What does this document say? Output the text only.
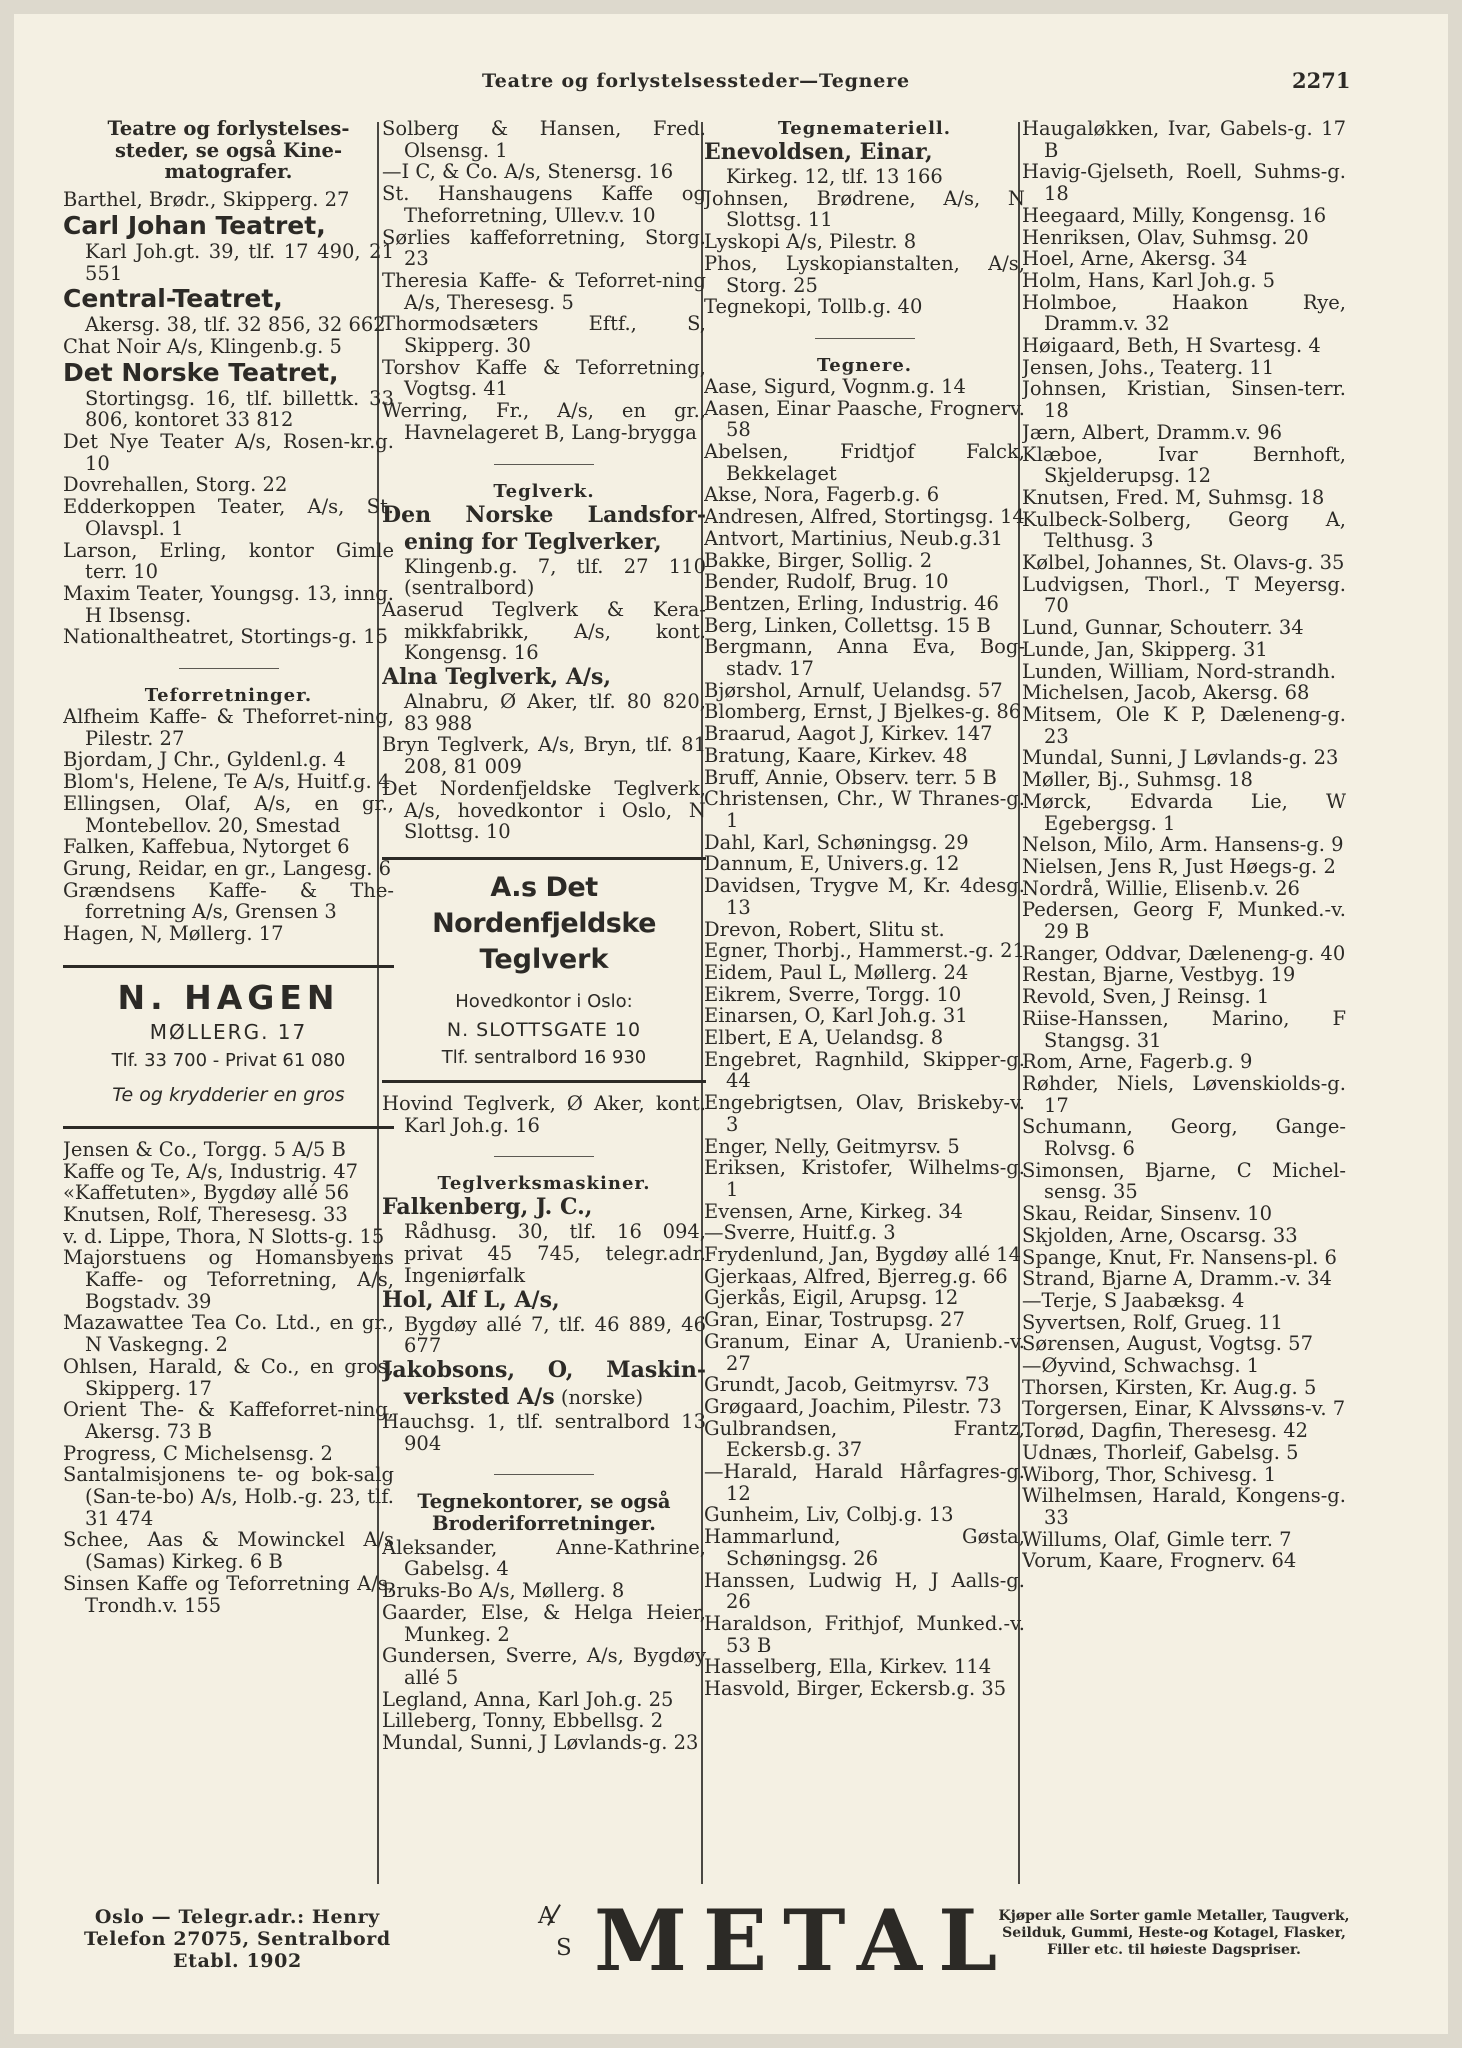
Teatre og forlystelsessteder—Tegnere	2271

Teatre og forlystelses-steder, se også Kine-matografer.

Barthel, Brødr., Skipperg. 27

Carl Johan Teatret,
Karl Joh.gt. 39, tlf. 17 490, 21 551
Central-Teatret,
Akersg. 38, tlf. 32 856, 32 662

Chat Noir A/s, Klingenb.g. 5

Det Norske Teatret,
Stortingsg. 16, tlf. billettk. 33 806, kontoret 33 812

Det Nye Teater A/s, Rosen-kr.g. 10

Dovrehallen, Storg. 22

Edderkoppen Teater, A/s, St. Olavspl. 1

Larson, Erling, kontor Gimle terr. 10

Maxim Teater, Youngsg. 13, inng. H Ibsensg.

Nationaltheatret, Stortings-g. 15

Teforretninger.

Alfheim Kaffe- & Theforret-ning, Pilestr. 27

Bjordam, J Chr., Gyldenl.g. 4

Blom's, Helene, Te A/s, Huitf.g. 4

Ellingsen, Olaf, A/s, en gr., Montebellov. 20, Smestad

Falken, Kaffebua, Nytorget 6

Grung, Reidar, en gr., Langesg. 6

Grændsens Kaffe- & The-forretning A/s, Grensen 3

Hagen, N, Møllerg. 17

N. HAGEN
MØLLERG. 17
Tlf. 33 700 - Privat 61 080
Te og krydderier en gros

Jensen & Co., Torgg. 5 A/5 B

Kaffe og Te, A/s, Industrig. 47

«Kaffetuten», Bygdøy allé 56

Knutsen, Rolf, Theresesg. 33

v. d. Lippe, Thora, N Slotts-g. 15

Majorstuens og Homansbyens Kaffe- og Teforretning, A/s, Bogstadv. 39

Mazawattee Tea Co. Ltd., en gr., N Vaskegng. 2

Ohlsen, Harald, & Co., en gros, Skipperg. 17

Orient The- & Kaffeforret-ning, Akersg. 73 B

Progress, C Michelsensg. 2

Santalmisjonens te- og bok-salg (San-te-bo) A/s, Holb.-g. 23, tlf. 31 474

Schee, Aas & Mowinckel A/s (Samas) Kirkeg. 6 B

Sinsen Kaffe og Teforretning A/s, Trondh.v. 155

Solberg & Hansen, Fred. Olsensg. 1

—I C, & Co. A/s, Stenersg. 16

St. Hanshaugens Kaffe og Theforretning, Ullev.v. 10

Sørlies kaffeforretning, Storg. 23

Theresia Kaffe- & Teforret-ning A/s, Theresesg. 5

Thormodsæters Eftf., S, Skipperg. 30

Torshov Kaffe & Teforretning, Vogtsg. 41

Werring, Fr., A/s, en gr., Havnelageret B, Lang-brygga

Teglverk.

Den Norske Landsfor-ening for Teglverker,
Klingenb.g. 7, tlf. 27 110 (sentralbord)

Aaserud Teglverk & Kera-mikkfabrikk, A/s, kont. Kongensg. 16

Alna Teglverk, A/s,
Alnabru, Ø Aker, tlf. 80 820, 83 988

Bryn Teglverk, A/s, Bryn, tlf. 81 208, 81 009

Det Nordenfjeldske Teglverk, A/s, hovedkontor i Oslo, N Slottsg. 10

A.s Det Nordenfjeldske
Teglverk
Hovedkontor i Oslo:
N. SLOTTSGATE 10
Tlf. sentralbord 16 930

Hovind Teglverk, Ø Aker, kont. Karl Joh.g. 16

Teglverksmaskiner.

Falkenberg, J. C.,
Rådhusg. 30, tlf. 16 094, privat 45 745, telegr.adr. Ingeniørfalk
Hol, Alf L, A/s,
Bygdøy allé 7, tlf. 46 889, 46 677
Jakobsons, O, Maskin-verksted A/s (norske)
Hauchsg. 1, tlf. sentralbord 13 904

Tegnekontorer, se også Broderiforretninger.

Aleksander, Anne-Kathrine, Gabelsg. 4

Bruks-Bo A/s, Møllerg. 8

Gaarder, Else, & Helga Heier, Munkeg. 2

Gundersen, Sverre, A/s, Bygdøy allé 5

Legland, Anna, Karl Joh.g. 25

Lilleberg, Tonny, Ebbellsg. 2

Mundal, Sunni, J Løvlands-g. 23

Tegnemateriell.

Enevoldsen, Einar,
Kirkeg. 12, tlf. 13 166

Johnsen, Brødrene, A/s, N Slottsg. 11

Lyskopi A/s, Pilestr. 8

Phos, Lyskopianstalten, A/s, Storg. 25

Tegnekopi, Tollb.g. 40

Tegnere.

Aase, Sigurd, Vognm.g. 14

Aasen, Einar Paasche, Frognerv. 58

Abelsen, Fridtjof Falck, Bekkelaget

Akse, Nora, Fagerb.g. 6

Andresen, Alfred, Stortingsg. 14

Antvort, Martinius, Neub.g.31

Bakke, Birger, Sollig. 2

Bender, Rudolf, Brug. 10

Bentzen, Erling, Industrig. 46

Berg, Linken, Collettsg. 15 B

Bergmann, Anna Eva, Bog-stadv. 17

Bjørshol, Arnulf, Uelandsg. 57

Blomberg, Ernst, J Bjelkes-g. 86

Braarud, Aagot J, Kirkev. 147

Bratung, Kaare, Kirkev. 48

Bruff, Annie, Observ. terr. 5 B

Christensen, Chr., W Thranes-g. 1

Dahl, Karl, Schøningsg. 29

Dannum, E, Univers.g. 12

Davidsen, Trygve M, Kr. 4desg. 13

Drevon, Robert, Slitu st.

Egner, Thorbj., Hammerst.-g. 21

Eidem, Paul L, Møllerg. 24

Eikrem, Sverre, Torgg. 10

Einarsen, O, Karl Joh.g. 31

Elbert, E A, Uelandsg. 8

Engebret, Ragnhild, Skipper-g. 44

Engebrigtsen, Olav, Briskeby-v. 3

Enger, Nelly, Geitmyrsv. 5

Eriksen, Kristofer, Wilhelms-g. 1

Evensen, Arne, Kirkeg. 34

—Sverre, Huitf.g. 3

Frydenlund, Jan, Bygdøy allé 14

Gjerkaas, Alfred, Bjerreg.g. 66

Gjerkås, Eigil, Arupsg. 12

Gran, Einar, Tostrupsg. 27

Granum, Einar A, Uranienb.-v. 27

Grundt, Jacob, Geitmyrsv. 73

Grøgaard, Joachim, Pilestr. 73

Gulbrandsen, Frantz, Eckersb.g. 37

—Harald, Harald Hårfagres-g. 12

Gunheim, Liv, Colbj.g. 13

Hammarlund, Gøsta, Schøningsg. 26

Hanssen, Ludwig H, J Aalls-g. 26

Haraldson, Frithjof, Munked.-v. 53 B

Hasselberg, Ella, Kirkev. 114

Hasvold, Birger, Eckersb.g. 35

Haugaløkken, Ivar, Gabels-g. 17 B

Havig-Gjelseth, Roell, Suhms-g. 18

Heegaard, Milly, Kongensg. 16

Henriksen, Olav, Suhmsg. 20

Hoel, Arne, Akersg. 34

Holm, Hans, Karl Joh.g. 5

Holmboe, Haakon Rye, Dramm.v. 32

Høigaard, Beth, H Svartesg. 4

Jensen, Johs., Teaterg. 11

Johnsen, Kristian, Sinsen-terr. 18

Jærn, Albert, Dramm.v. 96

Klæboe, Ivar Bernhoft, Skjelderupsg. 12

Knutsen, Fred. M, Suhmsg. 18

Kulbeck-Solberg, Georg A, Telthusg. 3

Kølbel, Johannes, St. Olavs-g. 35

Ludvigsen, Thorl., T Meyersg. 70

Lund, Gunnar, Schouterr. 34

Lunde, Jan, Skipperg. 31

Lunden, William, Nord-strandh.

Michelsen, Jacob, Akersg. 68

Mitsem, Ole K P, Dæleneng-g. 23

Mundal, Sunni, J Løvlands-g. 23

Møller, Bj., Suhmsg. 18

Mørck, Edvarda Lie, W Egebergsg. 1

Nelson, Milo, Arm. Hansens-g. 9

Nielsen, Jens R, Just Høegs-g. 2

Nordrå, Willie, Elisenb.v. 26

Pedersen, Georg F, Munked.-v. 29 B

Ranger, Oddvar, Dæleneng-g. 40

Restan, Bjarne, Vestbyg. 19

Revold, Sven, J Reinsg. 1

Riise-Hanssen, Marino, F Stangsg. 31

Rom, Arne, Fagerb.g. 9

Røhder, Niels, Løvenskiolds-g. 17

Schumann, Georg, Gange-Rolvsg. 6

Simonsen, Bjarne, C Michel-sensg. 35

Skau, Reidar, Sinsenv. 10

Skjolden, Arne, Oscarsg. 33

Spange, Knut, Fr. Nansens-pl. 6

Strand, Bjarne A, Dramm.-v. 34

—Terje, S Jaabæksg. 4

Syvertsen, Rolf, Grueg. 11

Sørensen, August, Vogtsg. 57

—Øyvind, Schwachsg. 1

Thorsen, Kirsten, Kr. Aug.g. 5

Torgersen, Einar, K Alvssøns-v. 7

Torød, Dagfin, Theresesg. 42

Udnæs, Thorleif, Gabelsg. 5

Wiborg, Thor, Schivesg. 1

Wilhelmsen, Harald, Kongens-g. 33

Willums, Olaf, Gimle terr. 7

Vorum, Kaare, Frognerv. 64

Oslo — Telegr.adr.: Henry
Telefon 27075, Sentralbord
Etabl. 1902
A
S METAL
Kjøper alle Sorter gamle Metaller, Taugverk, Seilduk, Gummi, Heste-og Kotagel, Flasker, Filler etc. til høieste Dagspriser.
